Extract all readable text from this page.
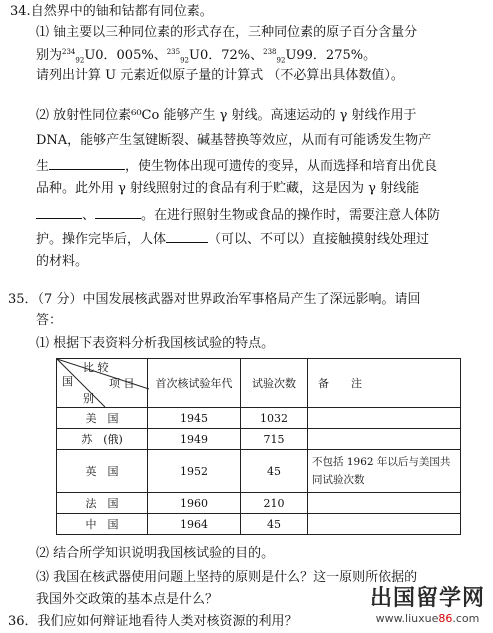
34.自然界中的铀和钴都有同位素。
⑴ 铀主要以三种同位素的形式存在，三种同位素的原子百分含量分
别为$^{234}_{92}$U0．005%、$^{235}_{92}$U0．72%、$^{238}_{92}$U99．275%。
请列出计算 U 元素近似原子量的计算式 （不必算出具体数值）。
⑵ 放射性同位素⁶⁰Co 能够产生 γ 射线。高速运动的 γ 射线作用于
DNA，能够产生氢键断裂、碱基替换等效应，从而有可能诱发生物产
生	，使生物体出现可遗传的变异，从而选择和培育出优良
品种。此外用 γ 射线照射过的食品有利于贮藏，这是因为 γ 射线能
、	。在进行照射生物或食品的操作时，需要注意人体防
护。操作完毕后，人体	（可以、不可以）直接触摸射线处理过
的材料。
35．（7 分）中国发展核武器对世界政治军事格局产生了深远影响。请回
答：
⑴ 根据下表资料分析我国核试验的特点。
比 较
国 项 目
别	首次核试验年代	试验次数	备　　注
美　国	1945	1032	
苏　(俄)	1949	715	
英　国	1952	45	不包括 1962 年以后与美国共同试验次数
法　国	1960	210	
中　国	1964	45	
⑵ 结合所学知识说明我国核试验的目的。
⑶ 我国在核武器使用问题上坚持的原则是什么？这一原则所依据的
我国外交政策的基本点是什么？
36．我们应如何辩证地看待人类对核资源的利用？
出国留学网
www.liuxue86.com
